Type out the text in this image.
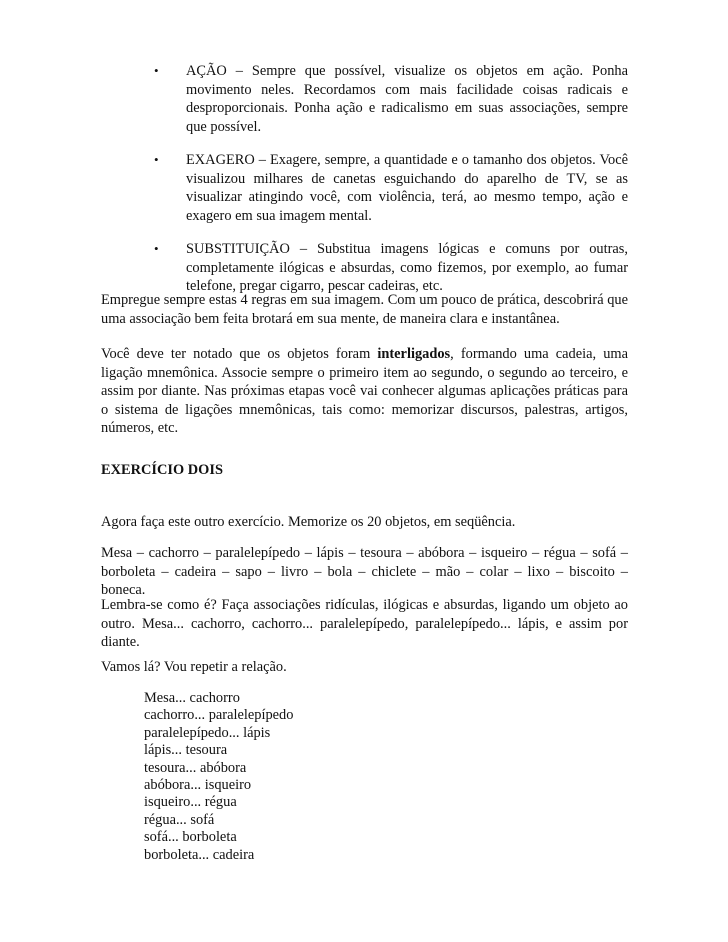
• AÇÃO – Sempre que possível, visualize os objetos em ação. Ponha movimento neles. Recordamos com mais facilidade coisas radicais e desproporcionais. Ponha ação e radicalismo em suas associações, sempre que possível.
• EXAGERO – Exagere, sempre, a quantidade e o tamanho dos objetos. Você visualizou milhares de canetas esguichando do aparelho de TV, se as visualizar atingindo você, com violência, terá, ao mesmo tempo, ação e exagero em sua imagem mental.
• SUBSTITUIÇÃO – Substitua imagens lógicas e comuns por outras, completamente ilógicas e absurdas, como fizemos, por exemplo, ao fumar telefone, pregar cigarro, pescar cadeiras, etc.

Empregue sempre estas 4 regras em sua imagem. Com um pouco de prática, descobrirá que uma associação bem feita brotará em sua mente, de maneira clara e instantânea.

Você deve ter notado que os objetos foram interligados, formando uma cadeia, uma ligação mnemônica. Associe sempre o primeiro item ao segundo, o segundo ao terceiro, e assim por diante. Nas próximas etapas você vai conhecer algumas aplicações práticas para o sistema de ligações mnemônicas, tais como: memorizar discursos, palestras, artigos, números, etc.

EXERCÍCIO DOIS

Agora faça este outro exercício. Memorize os 20 objetos, em seqüência.

Mesa – cachorro – paralelepípedo – lápis – tesoura – abóbora – isqueiro – régua – sofá – borboleta – cadeira – sapo – livro – bola – chiclete – mão – colar – lixo – biscoito – boneca.

Lembra-se como é? Faça associações ridículas, ilógicas e absurdas, ligando um objeto ao outro. Mesa... cachorro, cachorro... paralelepípedo, paralelepípedo... lápis, e assim por diante.

Vamos lá? Vou repetir a relação.

Mesa... cachorro
cachorro... paralelepípedo
paralelepípedo... lápis
lápis... tesoura
tesoura... abóbora
abóbora... isqueiro
isqueiro... régua
régua... sofá
sofá... borboleta
borboleta... cadeira
